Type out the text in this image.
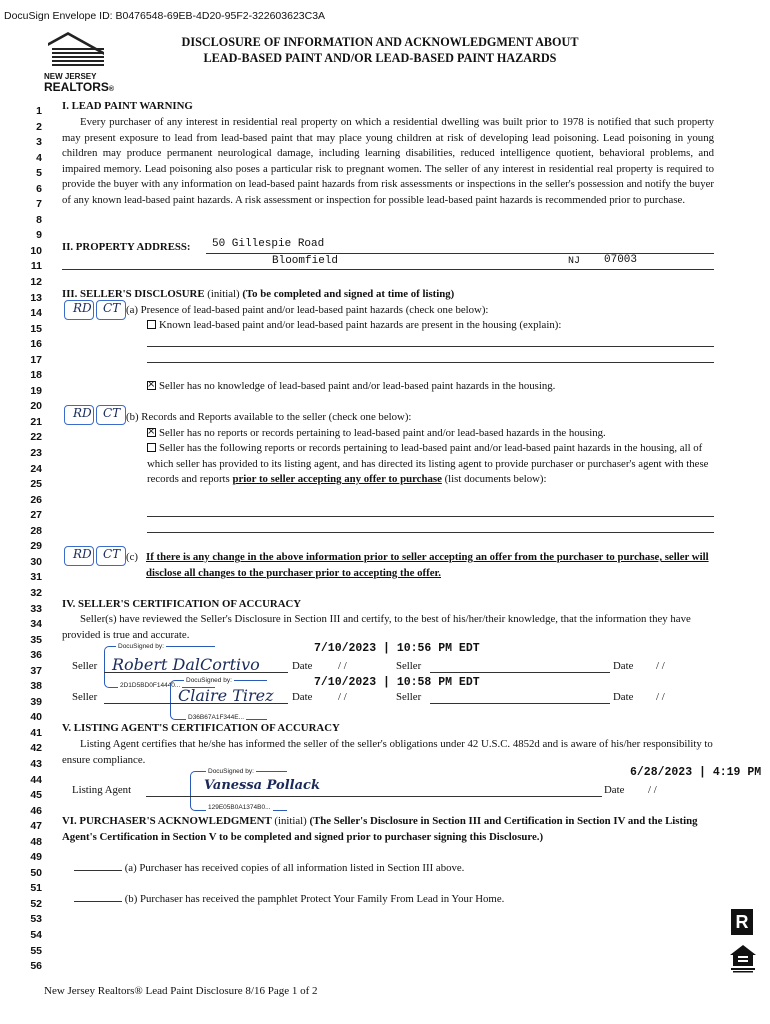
DocuSign Envelope ID: B0476548-69EB-4D20-95F2-322603623C3A
NEW JERSEY
REALTORS®
DISCLOSURE OF INFORMATION AND ACKNOWLEDGMENT ABOUT
LEAD-BASED PAINT AND/OR LEAD-BASED PAINT HAZARDS
1
2
3
4
5
6
7
8
9
10
11
12
13
14
15
16
17
18
19
20
21
22
23
24
25
26
27
28
29
30
31
32
33
34
35
36
37
38
39
40
41
42
43
44
45
46
47
48
49
50
51
52
53
54
55
56
I. LEAD PAINT WARNING
Every purchaser of any interest in residential real property on which a residential dwelling was built prior to 1978 is notified that such property may present exposure to lead from lead-based paint that may place young children at risk of developing lead poisoning. Lead poisoning in young children may produce permanent neurological damage, including learning disabilities, reduced intelligence quotient, behavioral problems, and impaired memory. Lead poisoning also poses a particular risk to pregnant women. The seller of any interest in residential real property is required to provide the buyer with any information on lead-based paint hazards from risk assessments or inspections in the seller's possession and notify the buyer of any known lead-based paint hazards. A risk assessment or inspection for possible lead-based paint hazards is recommended prior to purchase.
II. PROPERTY ADDRESS: 50 Gillespie Road
Bloomfield	NJ 07003
III. SELLER'S DISCLOSURE (initial) (To be completed and signed at time of listing)
RD CT (a) Presence of lead-based paint and/or lead-based paint hazards (check one below):
Known lead-based paint and/or lead-based paint hazards are present in the housing (explain):
×Seller has no knowledge of lead-based paint and/or lead-based paint hazards in the housing.
RD CT (b) Records and Reports available to the seller (check one below):
×Seller has no reports or records pertaining to lead-based paint and/or lead-based hazards in the housing.
Seller has the following reports or records pertaining to lead-based paint and/or lead-based paint hazards in the housing, all of which seller has provided to its listing agent, and has directed its listing agent to provide purchaser or purchaser's agent with these records and reports prior to seller accepting any offer to purchase (list documents below):
RD CT (c) If there is any change in the above information prior to seller accepting an offer from the purchaser to purchase, seller will disclose all changes to the purchaser prior to accepting the offer.
IV. SELLER'S CERTIFICATION OF ACCURACY
Seller(s) have reviewed the Seller's Disclosure in Section III and certify, to the best of his/her/their knowledge, that the information they have provided is true and accurate.
DocuSigned by:	7/10/2023 | 10:56 PM EDT
Seller Robert DalCortivo
2D1D5BD0F14440...
Date / /	Seller	Date / /
DocuSigned by:	7/10/2023 | 10:58 PM EDT
Seller	Claire Tirez
D36B67A1F344E...
Date / /	Seller	Date / /
V. LISTING AGENT'S CERTIFICATION OF ACCURACY
Listing Agent certifies that he/she has informed the seller of the seller's obligations under 42 U.S.C. 4852d and is aware of his/her responsibility to ensure compliance.
DocuSigned by:	6/28/2023 | 4:19 PM
Listing Agent	Vanessa Pollack
129E05B0A1374B0...
Date / /
VI. PURCHASER'S ACKNOWLEDGMENT (initial) (The Seller's Disclosure in Section III and Certification in Section IV and the Listing Agent's Certification in Section V to be completed and signed prior to purchaser signing this Disclosure.)
(a) Purchaser has received copies of all information listed in Section III above.
(b) Purchaser has received the pamphlet Protect Your Family From Lead in Your Home.
R
New Jersey Realtors® Lead Paint Disclosure 8/16 Page 1 of 2
